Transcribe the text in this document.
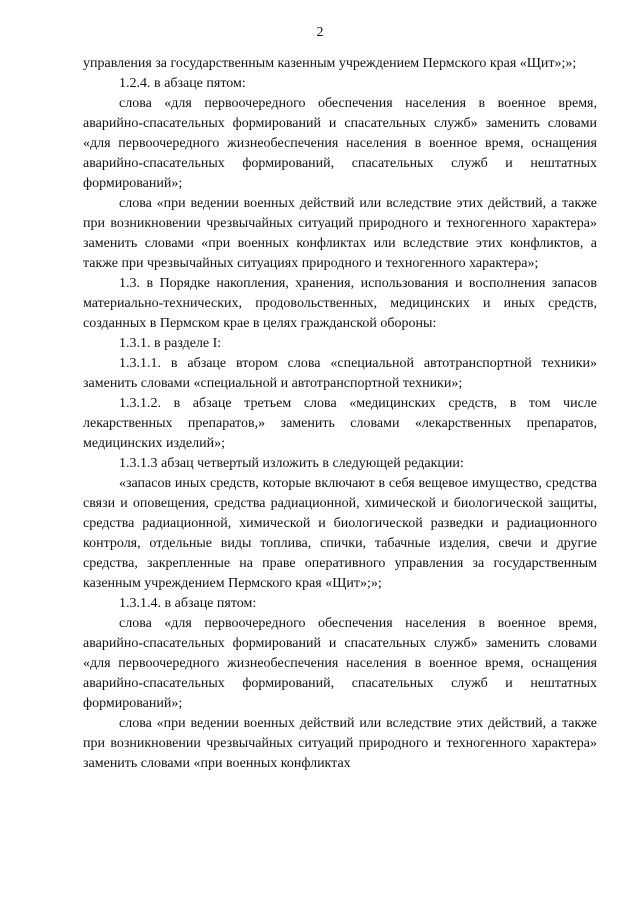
2

управления за государственным казенным учреждением Пермского края «Щит»;»;

1.2.4. в абзаце пятом:

слова «для первоочередного обеспечения населения в военное время, аварийно-спасательных формирований и спасательных служб» заменить словами «для первоочередного жизнеобеспечения населения в военное время, оснащения аварийно-спасательных формирований, спасательных служб и нештатных формирований»;

слова «при ведении военных действий или вследствие этих действий, а также при возникновении чрезвычайных ситуаций природного и техногенного характера» заменить словами «при военных конфликтах или вследствие этих конфликтов, а также при чрезвычайных ситуациях природного и техногенного характера»;

1.3. в Порядке накопления, хранения, использования и восполнения запасов материально-технических, продовольственных, медицинских и иных средств, созданных в Пермском крае в целях гражданской обороны:

1.3.1. в разделе I:

1.3.1.1. в абзаце втором слова «специальной автотранспортной техники» заменить словами «специальной и автотранспортной техники»;

1.3.1.2. в абзаце третьем слова «медицинских средств, в том числе лекарственных препаратов,» заменить словами «лекарственных препаратов, медицинских изделий»;

1.3.1.3 абзац четвертый изложить в следующей редакции:

«запасов иных средств, которые включают в себя вещевое имущество, средства связи и оповещения, средства радиационной, химической и биологической защиты, средства радиационной, химической и биологической разведки и радиационного контроля, отдельные виды топлива, спички, табачные изделия, свечи и другие средства, закрепленные на праве оперативного управления за государственным казенным учреждением Пермского края «Щит»;»;

1.3.1.4. в абзаце пятом:

слова «для первоочередного обеспечения населения в военное время, аварийно-спасательных формирований и спасательных служб» заменить словами «для первоочередного жизнеобеспечения населения в военное время, оснащения аварийно-спасательных формирований, спасательных служб и нештатных формирований»;

слова «при ведении военных действий или вследствие этих действий, а также при возникновении чрезвычайных ситуаций природного и техногенного характера» заменить словами «при военных конфликтах
